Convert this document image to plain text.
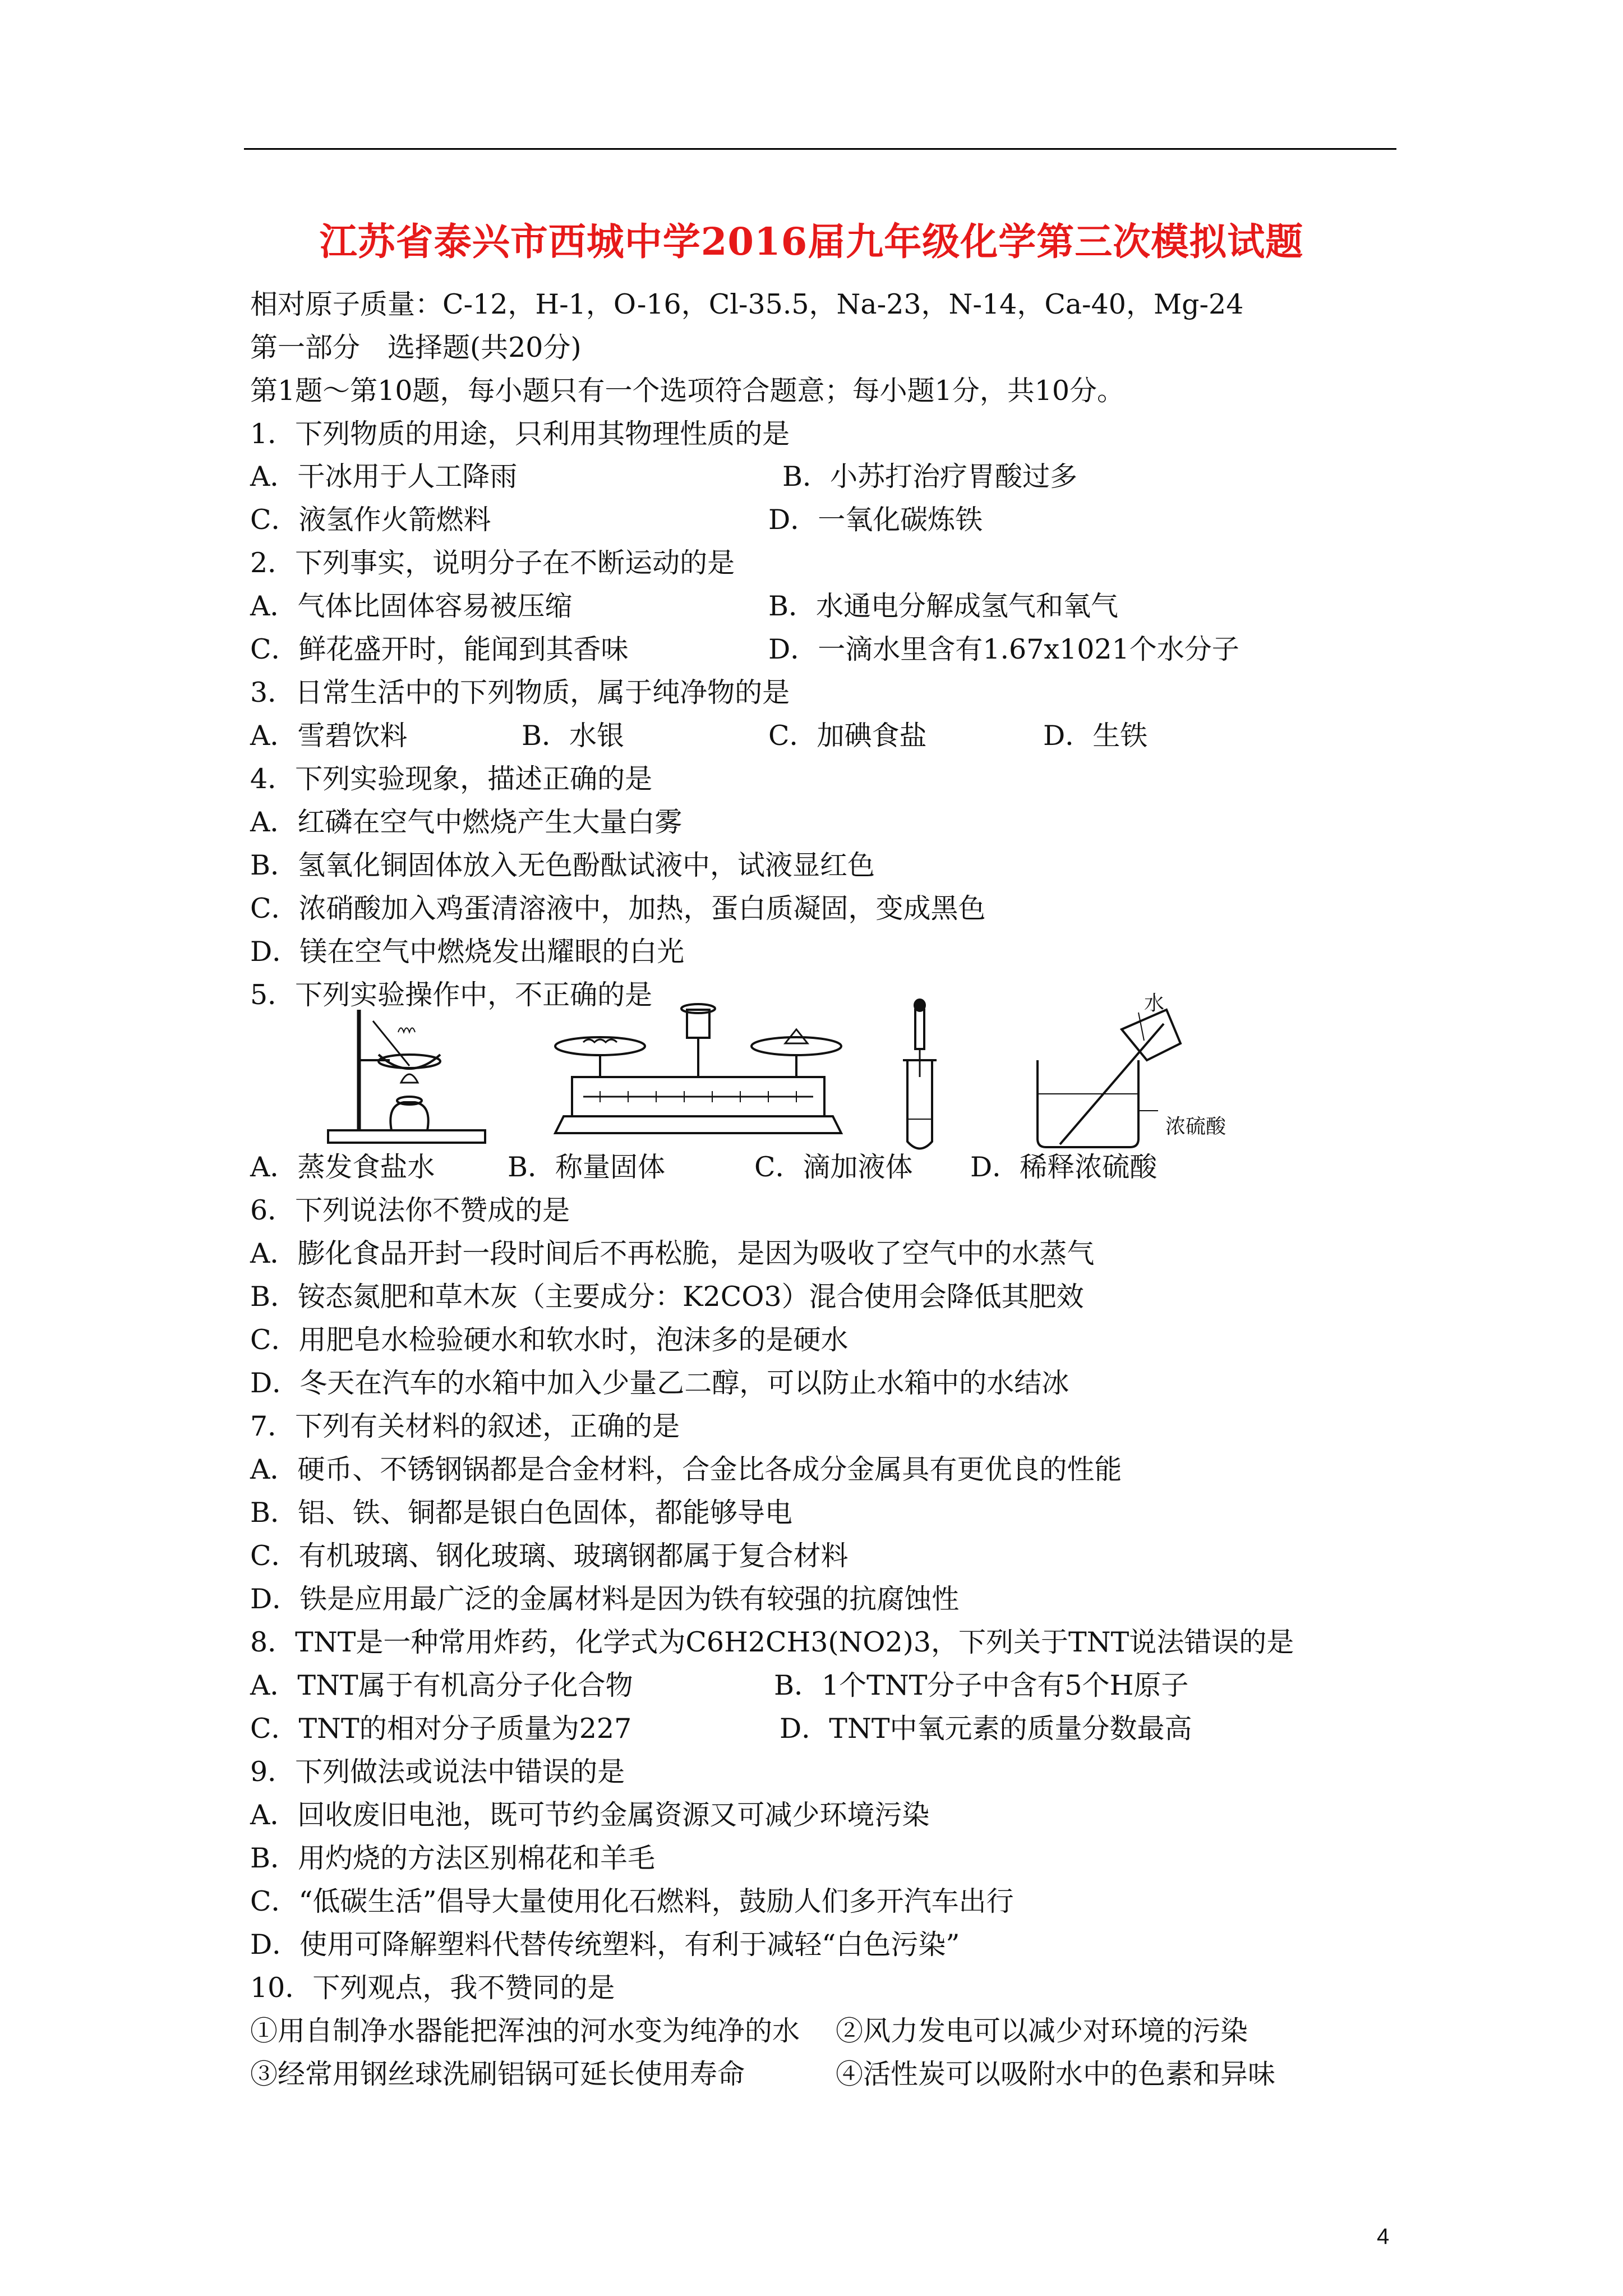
江苏省泰兴市西城中学2016届九年级化学第三次模拟试题
相对原子质量：C-12，H-1，O-16，Cl-35.5，Na-23，N-14，Ca-40，Mg-24
第一部分　选择题(共20分)
第1题～第10题，每小题只有一个选项符合题意；每小题1分，共10分。
1．下列物质的用途，只利用其物理性质的是
A．干冰用于人工降雨	B．小苏打治疗胃酸过多
C．液氢作火箭燃料	D．一氧化碳炼铁
2．下列事实，说明分子在不断运动的是
A．气体比固体容易被压缩	B．水通电分解成氢气和氧气
C．鲜花盛开时，能闻到其香味	D．一滴水里含有1.67x1021个水分子
3．日常生活中的下列物质，属于纯净物的是
A．雪碧饮料	B．水银	C．加碘食盐	D．生铁
4．下列实验现象，描述正确的是
A．红磷在空气中燃烧产生大量白雾
B．氢氧化铜固体放入无色酚酞试液中，试液显红色
C．浓硝酸加入鸡蛋清溶液中，加热，蛋白质凝固，变成黑色
D．镁在空气中燃烧发出耀眼的白光
5．下列实验操作中，不正确的是	水
浓硫酸
A．蒸发食盐水	B．称量固体	C．滴加液体 D．稀释浓硫酸
6．下列说法你不赞成的是
A．膨化食品开封一段时间后不再松脆，是因为吸收了空气中的水蒸气
B．铵态氮肥和草木灰（主要成分：K2CO3）混合使用会降低其肥效
C．用肥皂水检验硬水和软水时，泡沫多的是硬水
D．冬天在汽车的水箱中加入少量乙二醇，可以防止水箱中的水结冰
7．下列有关材料的叙述，正确的是
A．硬币、不锈钢锅都是合金材料，合金比各成分金属具有更优良的性能
B．铝、铁、铜都是银白色固体，都能够导电
C．有机玻璃、钢化玻璃、玻璃钢都属于复合材料
D．铁是应用最广泛的金属材料是因为铁有较强的抗腐蚀性
8．TNT是一种常用炸药，化学式为C6H2CH3(NO2)3，下列关于TNT说法错误的是
A．TNT属于有机高分子化合物	B．1个TNT分子中含有5个H原子
C．TNT的相对分子质量为227	D．TNT中氧元素的质量分数最高
9．下列做法或说法中错误的是
A．回收废旧电池，既可节约金属资源又可减少环境污染
B．用灼烧的方法区别棉花和羊毛
C．“低碳生活”倡导大量使用化石燃料，鼓励人们多开汽车出行
D．使用可降解塑料代替传统塑料，有利于减轻“白色污染”
10．下列观点，我不赞同的是
①用自制净水器能把浑浊的河水变为纯净的水 ②风力发电可以减少对环境的污染
③经常用钢丝球洗刷铝锅可延长使用寿命	④活性炭可以吸附水中的色素和异味
4
